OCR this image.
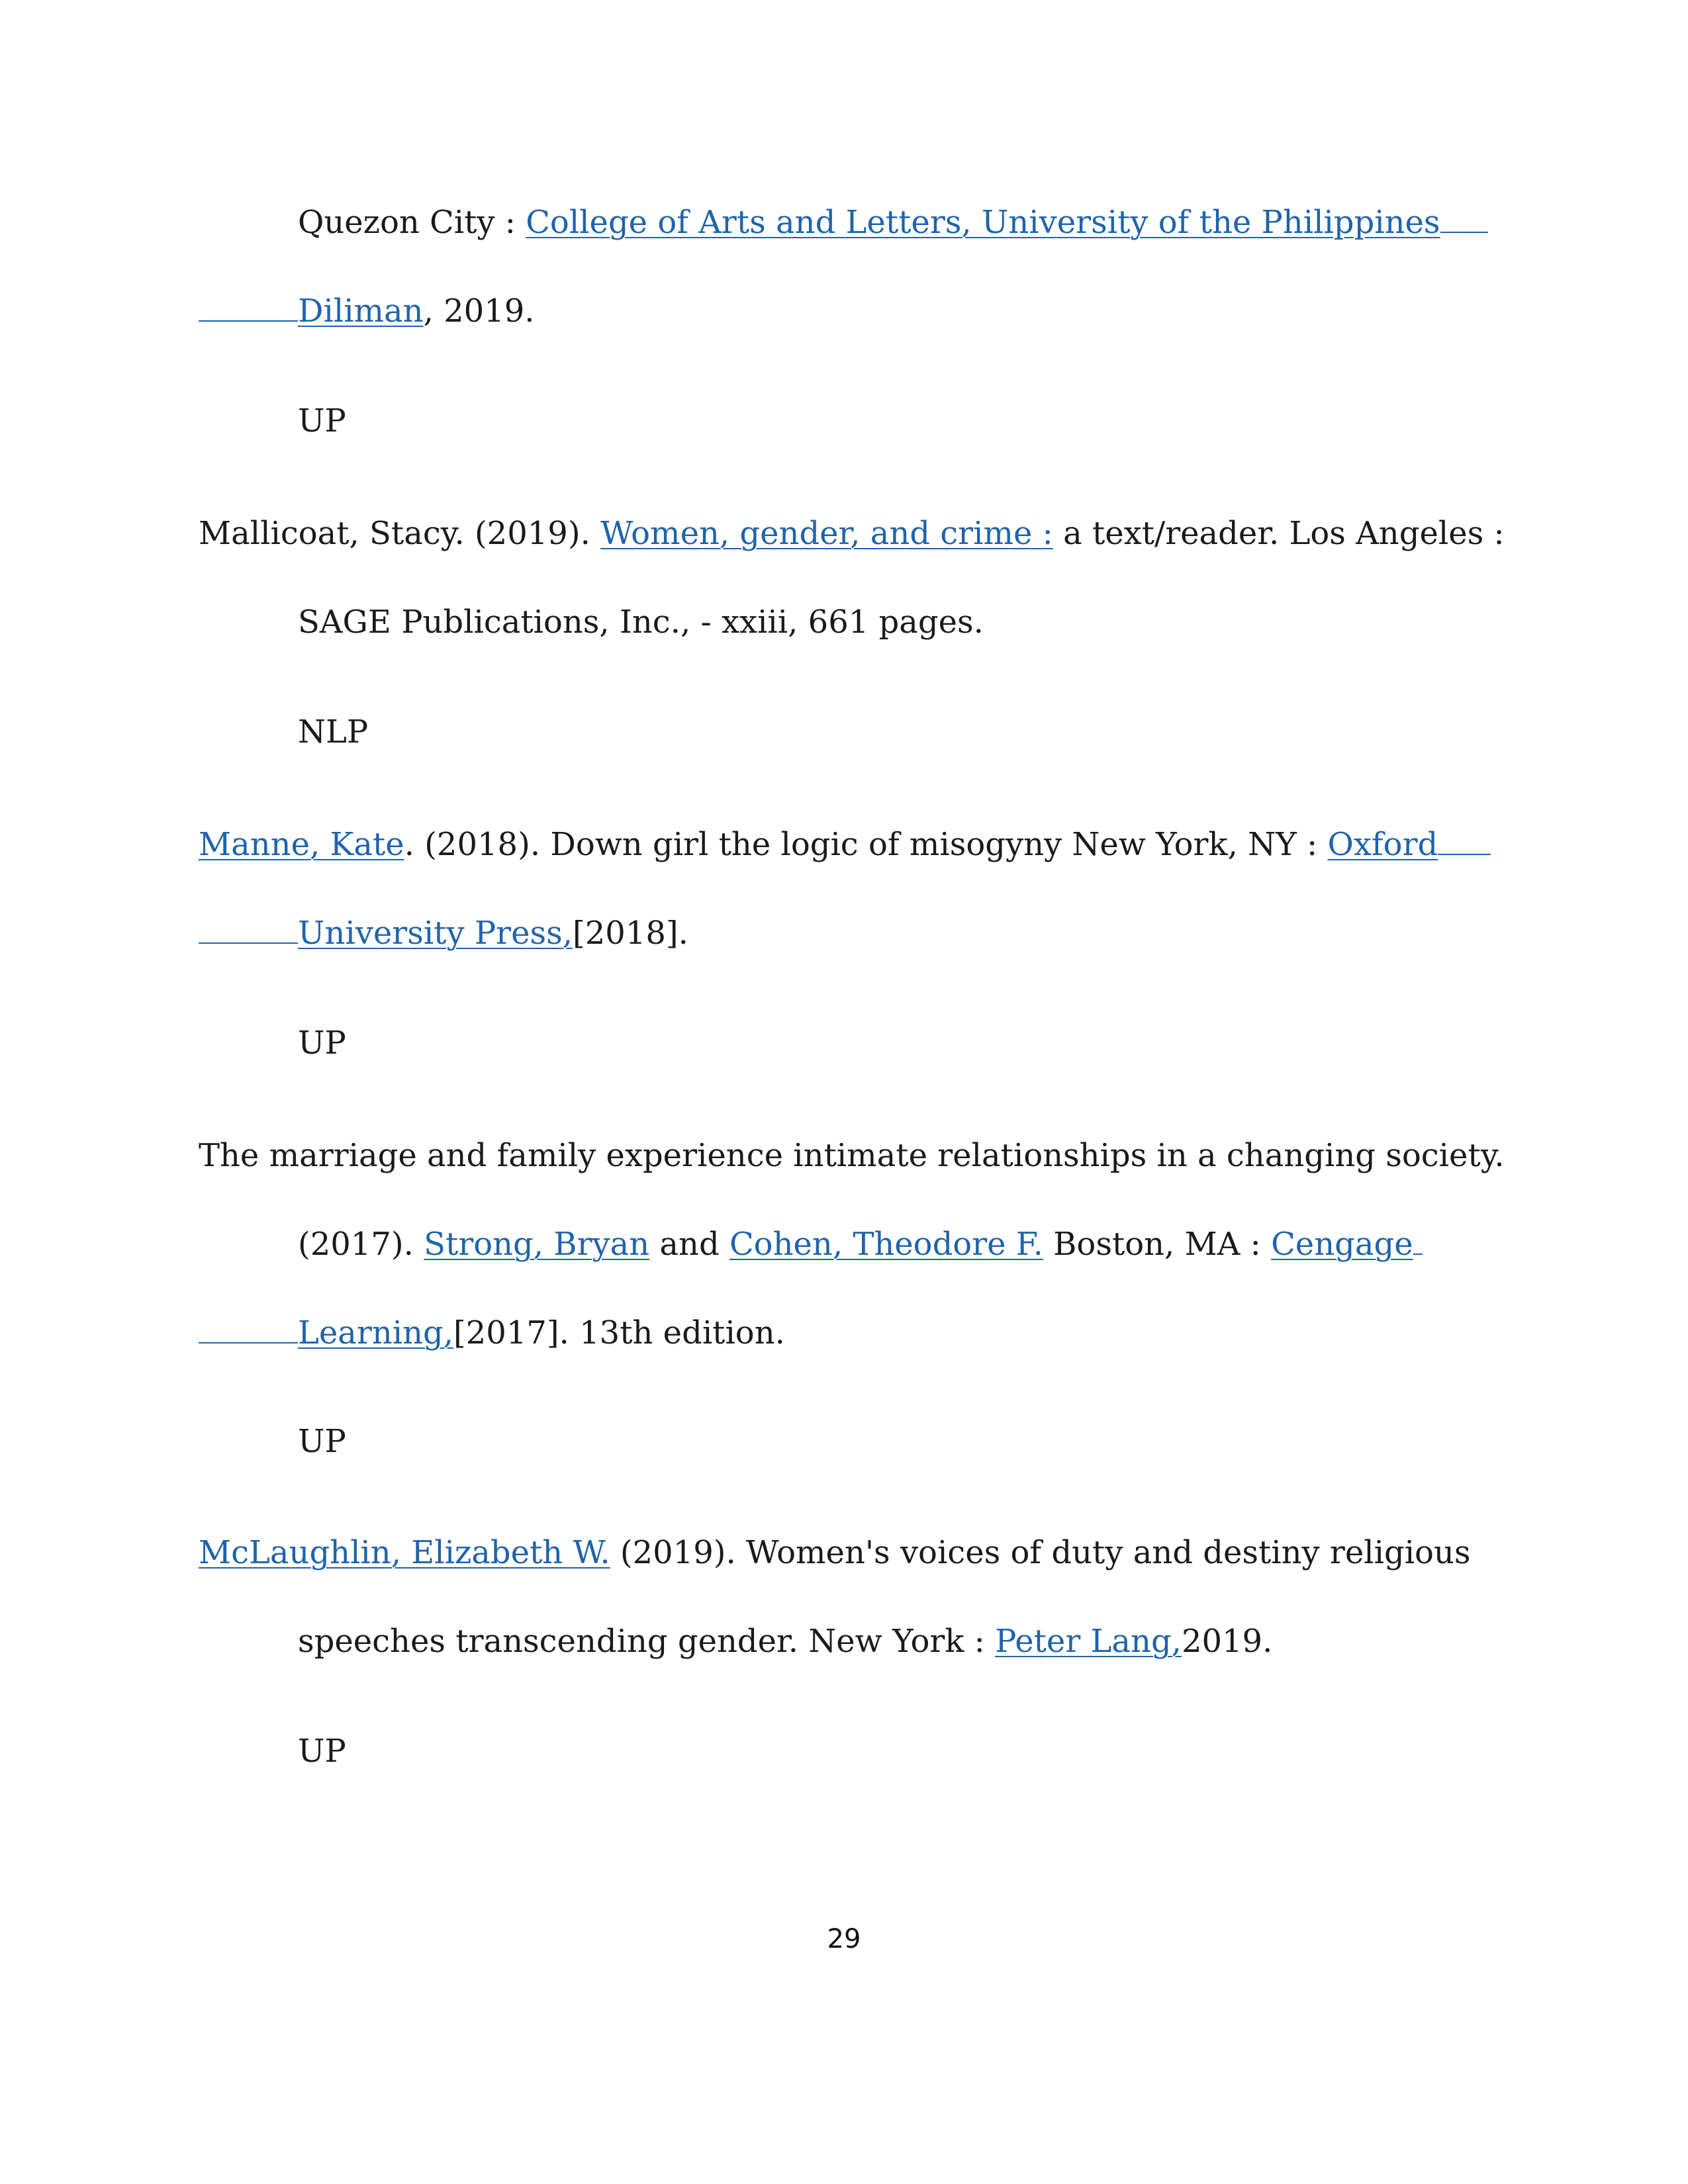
Quezon City : College of Arts and Letters, University of the Philippines
Diliman, 2019.
UP
Mallicoat, Stacy. (2019). Women, gender, and crime : a text/reader. Los Angeles :
SAGE Publications, Inc., - xxiii, 661 pages.
NLP
Manne, Kate. (2018). Down girl the logic of misogyny New York, NY : Oxford
University Press,[2018].
UP
The marriage and family experience intimate relationships in a changing society.
(2017). Strong, Bryan and Cohen, Theodore F. Boston, MA : Cengage
Learning,[2017]. 13th edition.
UP
McLaughlin, Elizabeth W. (2019). Women's voices of duty and destiny religious
speeches transcending gender. New York : Peter Lang,2019.
UP
29
